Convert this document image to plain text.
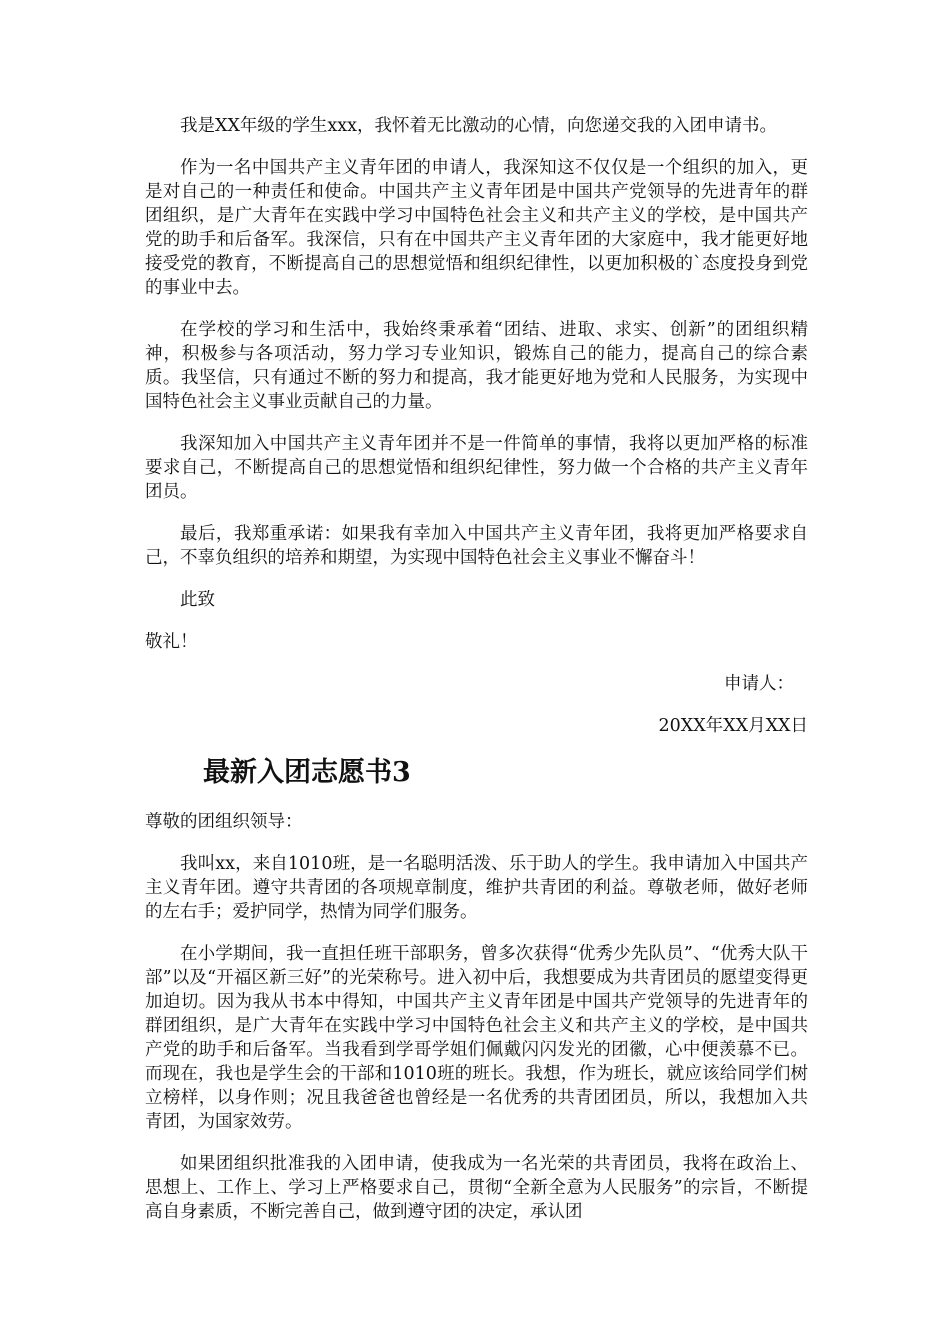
我是XX年级的学生xxx，我怀着无比激动的心情，向您递交我的入团申请书。

作为一名中国共产主义青年团的申请人，我深知这不仅仅是一个组织的加入，更是对自己的一种责任和使命。中国共产主义青年团是中国共产党领导的先进青年的群团组织，是广大青年在实践中学习中国特色社会主义和共产主义的学校，是中国共产党的助手和后备军。我深信，只有在中国共产主义青年团的大家庭中，我才能更好地接受党的教育，不断提高自己的思想觉悟和组织纪律性，以更加积极的`态度投身到党的事业中去。

在学校的学习和生活中，我始终秉承着“团结、进取、求实、创新”的团组织精神，积极参与各项活动，努力学习专业知识，锻炼自己的能力，提高自己的综合素质。我坚信，只有通过不断的努力和提高，我才能更好地为党和人民服务，为实现中国特色社会主义事业贡献自己的力量。

我深知加入中国共产主义青年团并不是一件简单的事情，我将以更加严格的标准要求自己，不断提高自己的思想觉悟和组织纪律性，努力做一个合格的共产主义青年团员。

最后，我郑重承诺：如果我有幸加入中国共产主义青年团，我将更加严格要求自己，不辜负组织的培养和期望，为实现中国特色社会主义事业不懈奋斗！

此致

敬礼！

申请人：

20XX年XX月XX日

最新入团志愿书3

尊敬的团组织领导：

我叫xx，来自1010班，是一名聪明活泼、乐于助人的学生。我申请加入中国共产主义青年团。遵守共青团的各项规章制度，维护共青团的利益。尊敬老师，做好老师的左右手；爱护同学，热情为同学们服务。

在小学期间，我一直担任班干部职务，曾多次获得“优秀少先队员”、“优秀大队干部”以及“开福区新三好”的光荣称号。进入初中后，我想要成为共青团员的愿望变得更加迫切。因为我从书本中得知，中国共产主义青年团是中国共产党领导的先进青年的群团组织，是广大青年在实践中学习中国特色社会主义和共产主义的学校，是中国共产党的助手和后备军。当我看到学哥学姐们佩戴闪闪发光的团徽，心中便羡慕不已。而现在，我也是学生会的干部和1010班的班长。我想，作为班长，就应该给同学们树立榜样，以身作则；况且我爸爸也曾经是一名优秀的共青团团员，所以，我想加入共青团，为国家效劳。

如果团组织批准我的入团申请，使我成为一名光荣的共青团员，我将在政治上、思想上、工作上、学习上严格要求自己，贯彻“全新全意为人民服务”的宗旨，不断提高自身素质，不断完善自己，做到遵守团的决定，承认团
